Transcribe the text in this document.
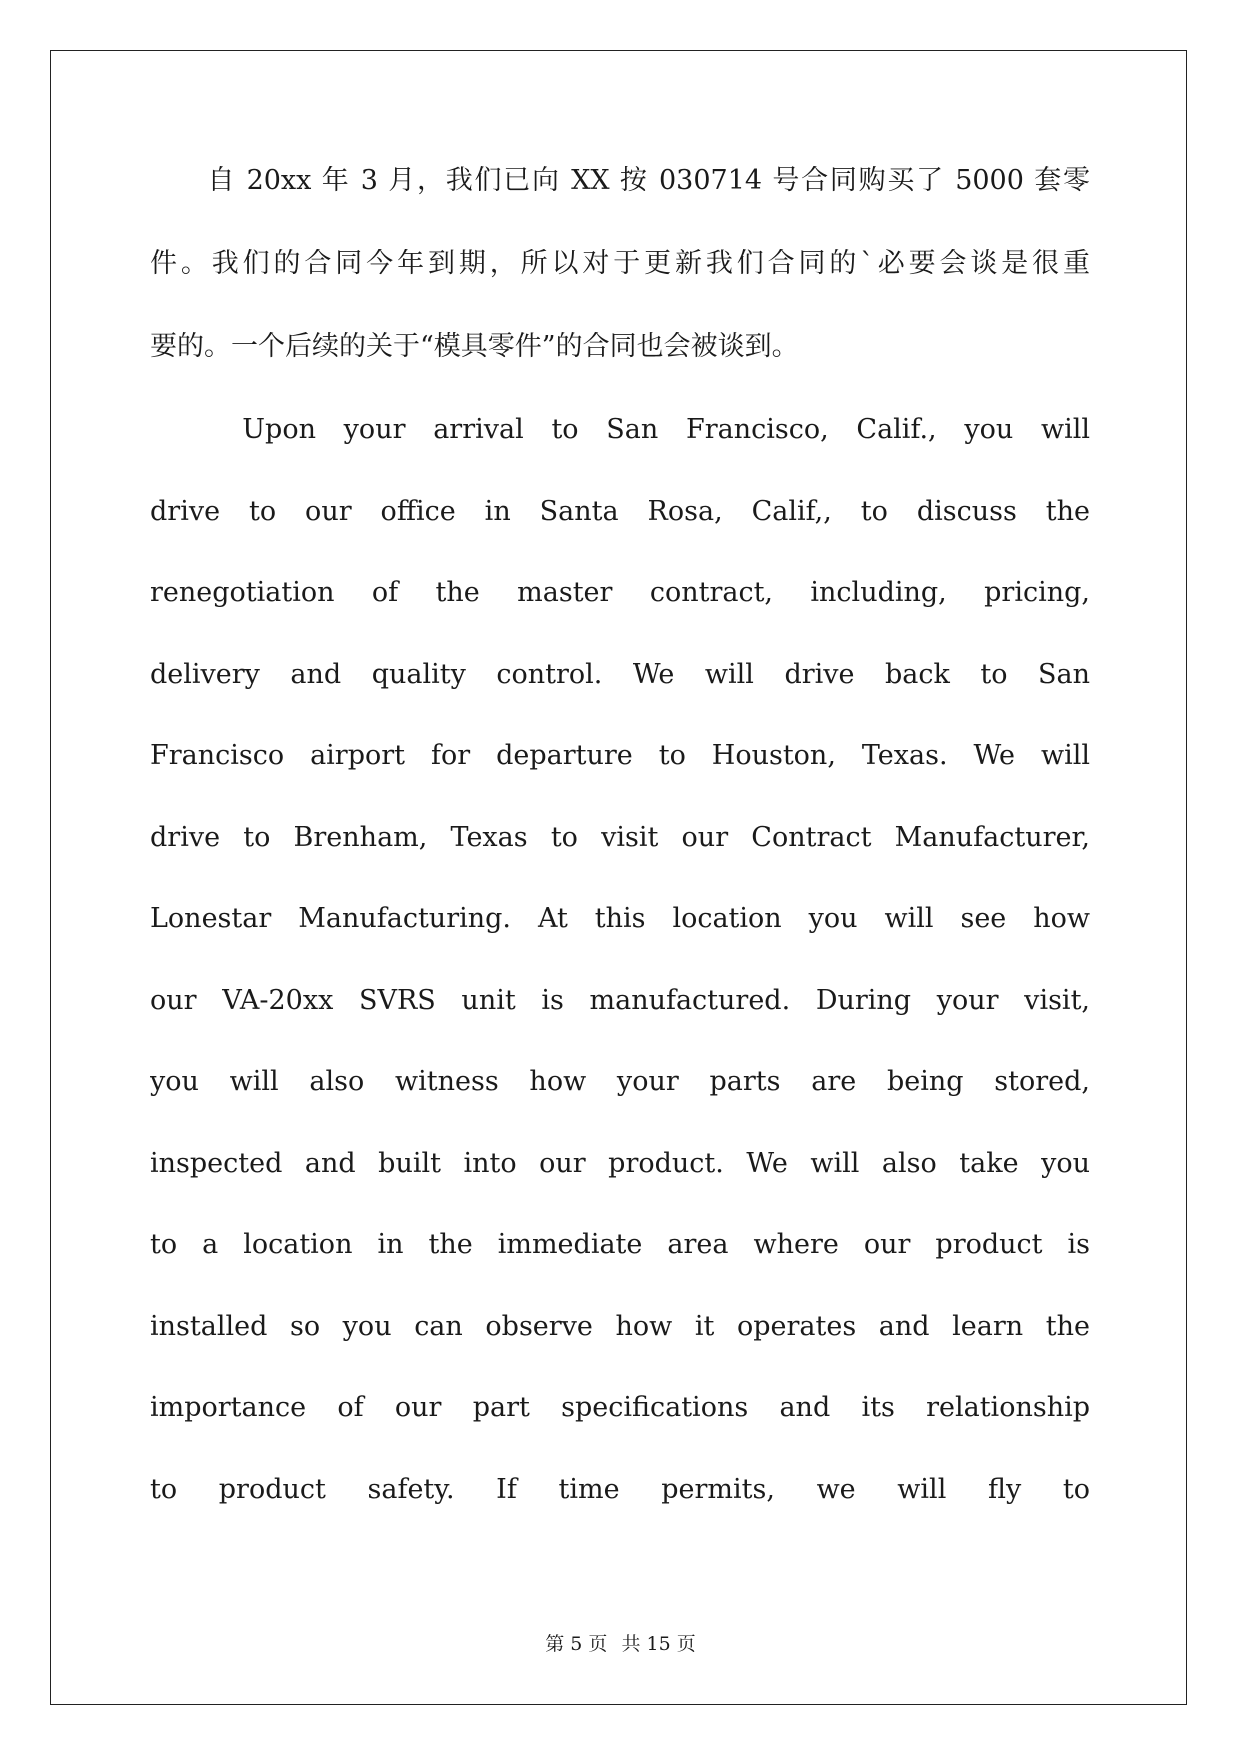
　　自 20xx 年 3 月，我们已向 XX 按 030714 号合同购买了 5000 套零
件。我们的合同今年到期，所以对于更新我们合同的`必要会谈是很重
要的。一个后续的关于“模具零件”的合同也会被谈到。

　　Upon your arrival to San Francisco, Calif., you will
drive to our office in Santa Rosa, Calif,, to discuss the
renegotiation of the master contract, including, pricing,
delivery and quality control. We will drive back to San
Francisco airport for departure to Houston, Texas. We will
drive to Brenham, Texas to visit our Contract Manufacturer,
Lonestar Manufacturing. At this location you will see how
our VA-20xx SVRS unit is manufactured. During your visit,
you will also witness how your parts are being stored,
inspected and built into our product. We will also take you
to a location in the immediate area where our product is
installed so you can observe how it operates and learn the
importance of our part specifications and its relationship
to product safety. If time permits, we will fly to

第 5 页 共 15 页
